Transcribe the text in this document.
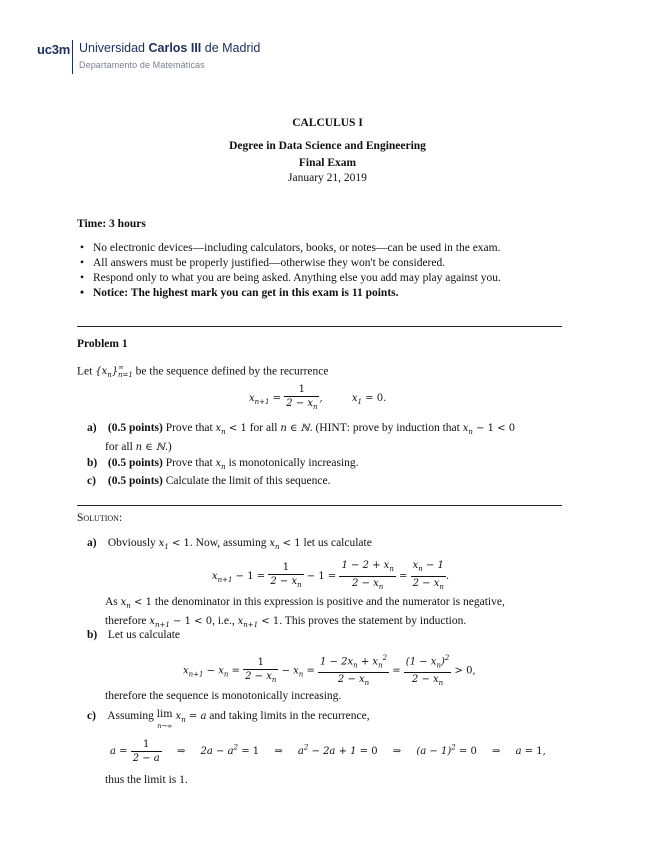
uc3m Universidad Carlos III de Madrid
Departamento de Matemáticas
CALCULUS I
Degree in Data Science and Engineering
Final Exam
January 21, 2019
Time: 3 hours
• No electronic devices—including calculators, books, or notes—can be used in the exam.
• All answers must be properly justified—otherwise they won't be considered.
• Respond only to what you are being asked. Anything else you add may play against you.
• Notice: The highest mark you can get in this exam is 11 points.
Problem 1
Let $\{x_n\}^\infty_{n=1}$ be the sequence defined by the recurrence
$x_{n+1} = \frac{1}{2 - x_n}$ ,	$x_1 = 0$.
a) (0.5 points) Prove that $x_n < 1$ for all n ∈ ℕ. (HINT: prove by induction that $x_n - 1 < 0$
for all n ∈ ℕ.)
b) (0.5 points) Prove that $x_n$ is monotonically increasing.
c) (0.5 points) Calculate the limit of this sequence.
Solution:
a) Obviously $x_1 < 1$. Now, assuming $x_n < 1$ let us calculate
$x_{n+1} - 1 = \frac{1}{2 - x_n} - 1 = \frac{1 - 2 + x_n}{2 - x_n} = \frac{x_n - 1}{2 - x_n}$ .
As $x_n < 1$ the denominator in this expression is positive and the numerator is negative,
therefore $x_{n+1} - 1 < 0$, i.e., $x_{n+1} < 1$. This proves the statement by induction.
b) Let us calculate
$x_{n+1} - x_n = \frac{1}{2 - x_n} - x_n = \frac{1 - 2x_n + x_n^2}{2 - x_n} = \frac{(1 - x_n)^2}{2 - x_n} > 0$,
therefore the sequence is monotonically increasing.
c) Assuming lim
n→∞ $x_n = a$ and taking limits in the recurrence,
$a = \frac{1}{2 - a}$ ⇒ $2a - a^2 = 1$ ⇒ $a^2 - 2a + 1 = 0$ ⇒ $(a - 1)^2 = 0$ ⇒ a = 1,
thus the limit is 1.
